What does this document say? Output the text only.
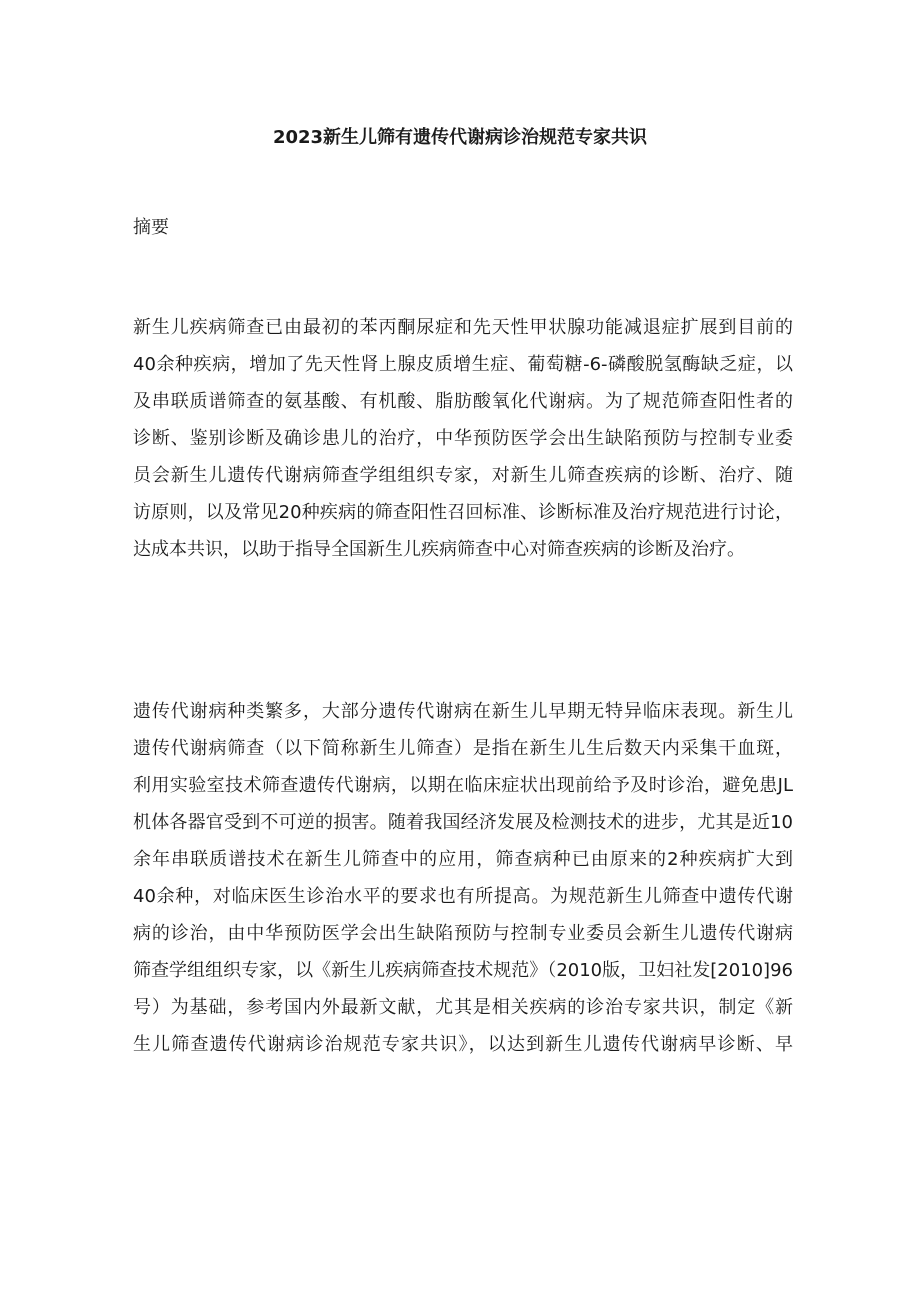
2023新生儿筛有遗传代谢病诊治规范专家共识
摘要

新生儿疾病筛查已由最初的苯丙酮尿症和先天性甲状腺功能减退症扩展到目前的
40余种疾病，增加了先天性肾上腺皮质增生症、葡萄糖-6-磷酸脱氢酶缺乏症，以
及串联质谱筛查的氨基酸、有机酸、脂肪酸氧化代谢病。为了规范筛查阳性者的
诊断、鉴别诊断及确诊患儿的治疗，中华预防医学会出生缺陷预防与控制专业委
员会新生儿遗传代谢病筛查学组组织专家，对新生儿筛查疾病的诊断、治疗、随
访原则，以及常见20种疾病的筛查阳性召回标准、诊断标准及治疗规范进行讨论，
达成本共识，以助于指导全国新生儿疾病筛查中心对筛查疾病的诊断及治疗。

遗传代谢病种类繁多，大部分遗传代谢病在新生儿早期无特异临床表现。新生儿
遗传代谢病筛查（以下简称新生儿筛查）是指在新生儿生后数天内采集干血斑，
利用实验室技术筛查遗传代谢病，以期在临床症状出现前给予及时诊治，避免患JL
机体各器官受到不可逆的损害。随着我国经济发展及检测技术的进步，尤其是近10
余年串联质谱技术在新生儿筛查中的应用，筛查病种已由原来的2种疾病扩大到
40余种，对临床医生诊治水平的要求也有所提高。为规范新生儿筛查中遗传代谢
病的诊治，由中华预防医学会出生缺陷预防与控制专业委员会新生儿遗传代谢病
筛查学组组织专家，以《新生儿疾病筛查技术规范》（2010版，卫妇社发[2010]96
号）为基础，参考国内外最新文献，尤其是相关疾病的诊治专家共识，制定《新
生儿筛查遗传代谢病诊治规范专家共识》，以达到新生儿遗传代谢病早诊断、早
